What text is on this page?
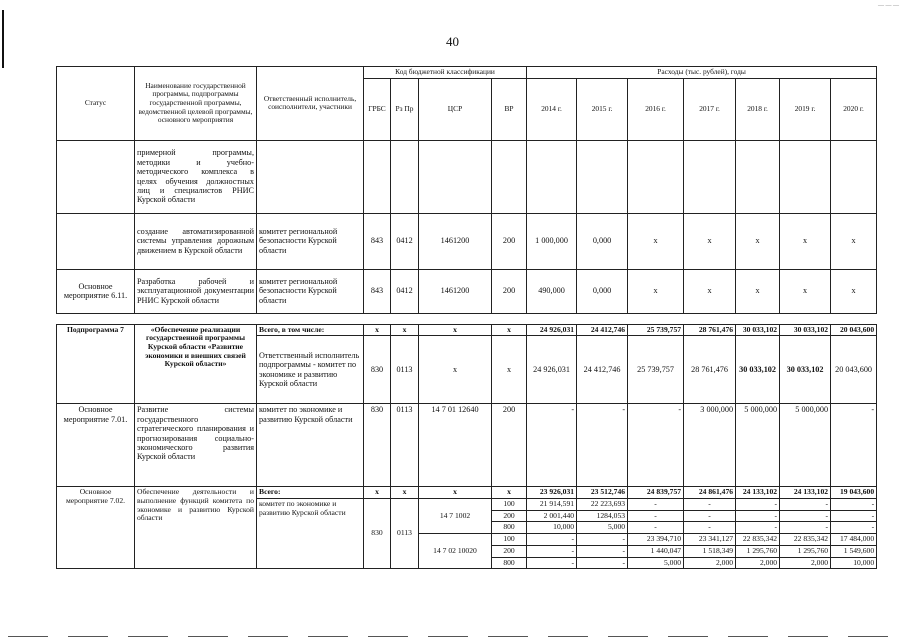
— — —
40
Статус	Наименование государственной программы, подпрограммы государственной программы, ведомственной целевой программы, основного мероприятия	Ответственный исполнитель, соисполнители, участники	Код бюджетной классификации				Расходы (тыс. рублей), годы						
			ГРБС	Рз Пр	ЦСР	ВР	2014 г.	2015 г.	2016 г.	2017 г.	2018 г.	2019 г.	2020 г.
	примерной программы, методики и учебно-методического комплекса в целях обучения должностных лиц и специалистов РНИС Курской области												
	создание автоматизированной системы управления дорожным движением в Курской области	комитет региональной безопасности Курской области	843	0412	1461200	200	1 000,000	0,000	х	х	х	х	х
Основное мероприятие 6.11.	Разработка рабочей и эксплуатационной документации РНИС Курской области	комитет региональной безопасности Курской области	843	0412	1461200	200	490,000	0,000	х	х	х	х	х

Подпрограмма 7	«Обеспечение реализации государственной программы Курской области «Развитие экономики и внешних связей Курской области»	Всего, в том числе:	х	х	х	х	24 926,031	24 412,746	25 739,757	28 761,476	30 033,102	30 033,102	20 043,600
		Ответственный исполнитель подпрограммы - комитет по экономике и развитию Курской области	830	0113	х	х	24 926,031	24 412,746	25 739,757	28 761,476	30 033,102	30 033,102	20 043,600
Основное мероприятие 7.01.	Развитие системы государственного стратегического планирования и прогнозирования социально-экономического развития Курской области	комитет по экономике и развитию Курской области	830	0113	14 7 01 12640	200	-	-	-	3 000,000	5 000,000	5 000,000	-
Основное мероприятие 7.02.	Обеспечение деятельности и выполнение функций комитета по экономике и развитию Курской области	Всего:	х	х	х	х	23 926,031	23 512,746	24 839,757	24 861,476	24 133,102	24 133,102	19 043,600
		комитет по экономике и развитию Курской области	830	0113	14 7 1002	100	21 914,591	22 223,693	-	-	-	-	-
						200	2 001,440	1284,053	-	-	-	-	-
						800	10,000	5,000	-	-	-	-	-
					14 7 02 10020	100	-	-	23 394,710	23 341,127	22 835,342	22 835,342	17 484,000
						200	-	-	1 440,047	1 518,349	1 295,760	1 295,760	1 549,600
						800	-	-	5,000	2,000	2,000	2,000	10,000
